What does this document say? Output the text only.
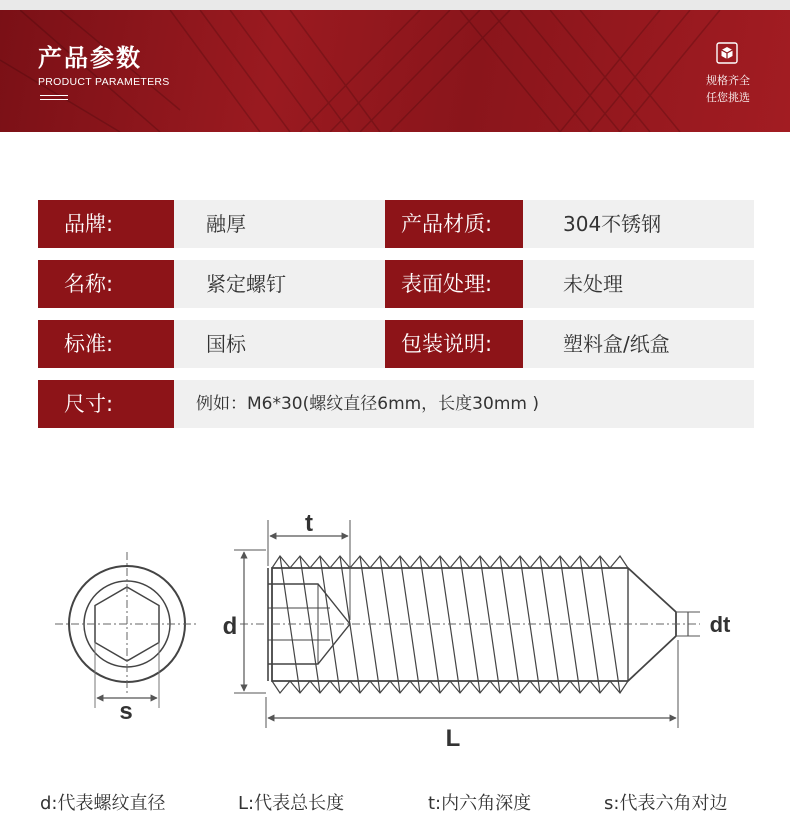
产品参数
PRODUCT PARAMETERS	规格齐全
任您挑选
品牌:	融厚	产品材质:	304不锈钢
名称:	紧定螺钉	表面处理:	未处理
标准:	国标	包装说明:	塑料盒/纸盒
尺寸:	例如：M6*30(螺纹直径6mm，长度30mm )
t
d	dt
s
L
d:代表螺纹直径	L:代表总长度	t:内六角深度	s:代表六角对边
